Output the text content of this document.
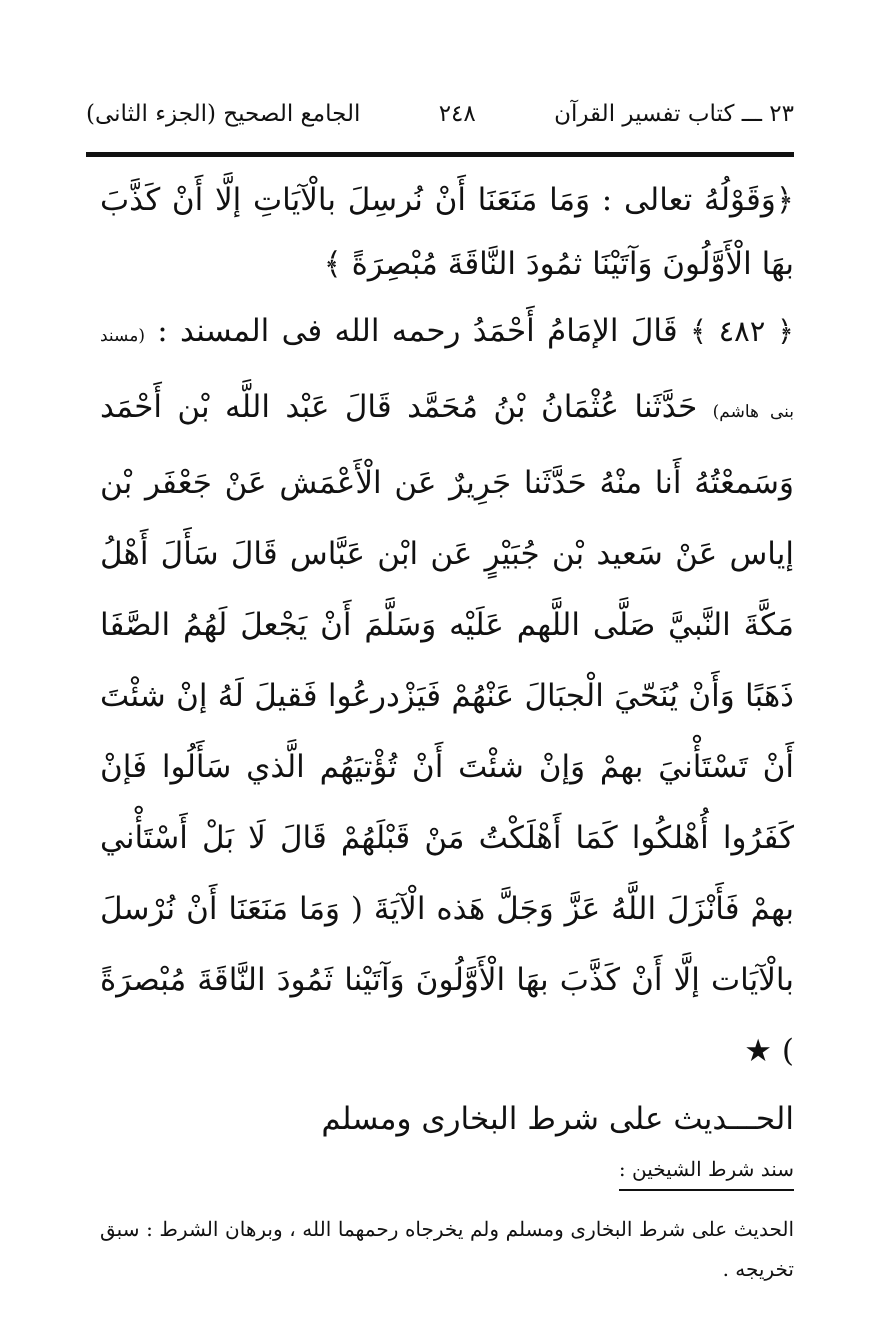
٢٣ ـــ كتاب تفسير القرآن
٢٤٨
الجامع الصحيح (الجزء الثانى)

﴿وَقَوْلُهُ تعالى : وَمَا مَنَعَنَا أَنْ نُرسِلَ بالْآيَاتِ إلَّا أَنْ كَذَّبَ بهَا الْأَوَّلُونَ وَآتَيْنَا ثمُودَ النَّاقَةَ مُبْصِرَةً ﴾

﴿ ٤٨٢ ﴾ قَالَ الإمَامُ أَحْمَدُ رحمه الله فى المسند : (مسند بنى هاشم) حَدَّثَنا عُثْمَانُ بْنُ مُحَمَّد قَالَ عَبْد اللَّه بْن أَحْمَد وَسَمعْتُهُ أَنا منْهُ حَدَّثَنا جَرِيرٌ عَن الْأَعْمَش عَنْ جَعْفَر بْن إياس عَنْ سَعيد بْن جُبَيْرٍ عَن ابْن عَبَّاس قَالَ سَأَلَ أَهْلُ مَكَّةَ النَّبيَّ صَلَّى اللَّهم عَلَيْه وَسَلَّمَ أَنْ يَجْعلَ لَهُمُ الصَّفَا ذَهَبًا وَأَنْ يُنَحّيَ الْجبَالَ عَنْهُمْ فَيَزْدرعُوا فَقيلَ لَهُ إنْ شئْتَ أَنْ تَسْتَأْنيَ بهمْ وَإنْ شئْتَ أَنْ تُؤْتيَهُم الَّذي سَأَلُوا فَإنْ كَفَرُوا أُهْلكُوا كَمَا أَهْلَكْتُ مَنْ قَبْلَهُمْ قَالَ لَا بَلْ أَسْتَأْني بهمْ فَأَنْزَلَ اللَّهُ عَزَّ وَجَلَّ هَذه الْآيَةَ ( وَمَا مَنَعَنَا أَنْ نُرْسلَ بالْآيَات إلَّا أَنْ كَذَّبَ بهَا الْأَوَّلُونَ وَآتَيْنا ثَمُودَ النَّاقَةَ مُبْصرَةً ) ★

الحـــديث على شرط البخارى ومسلم

سند شرط الشيخين :

الحديث على شرط البخارى ومسلم ولم يخرجاه رحمهما الله ، وبرهان الشرط : سبق تخريجه .
